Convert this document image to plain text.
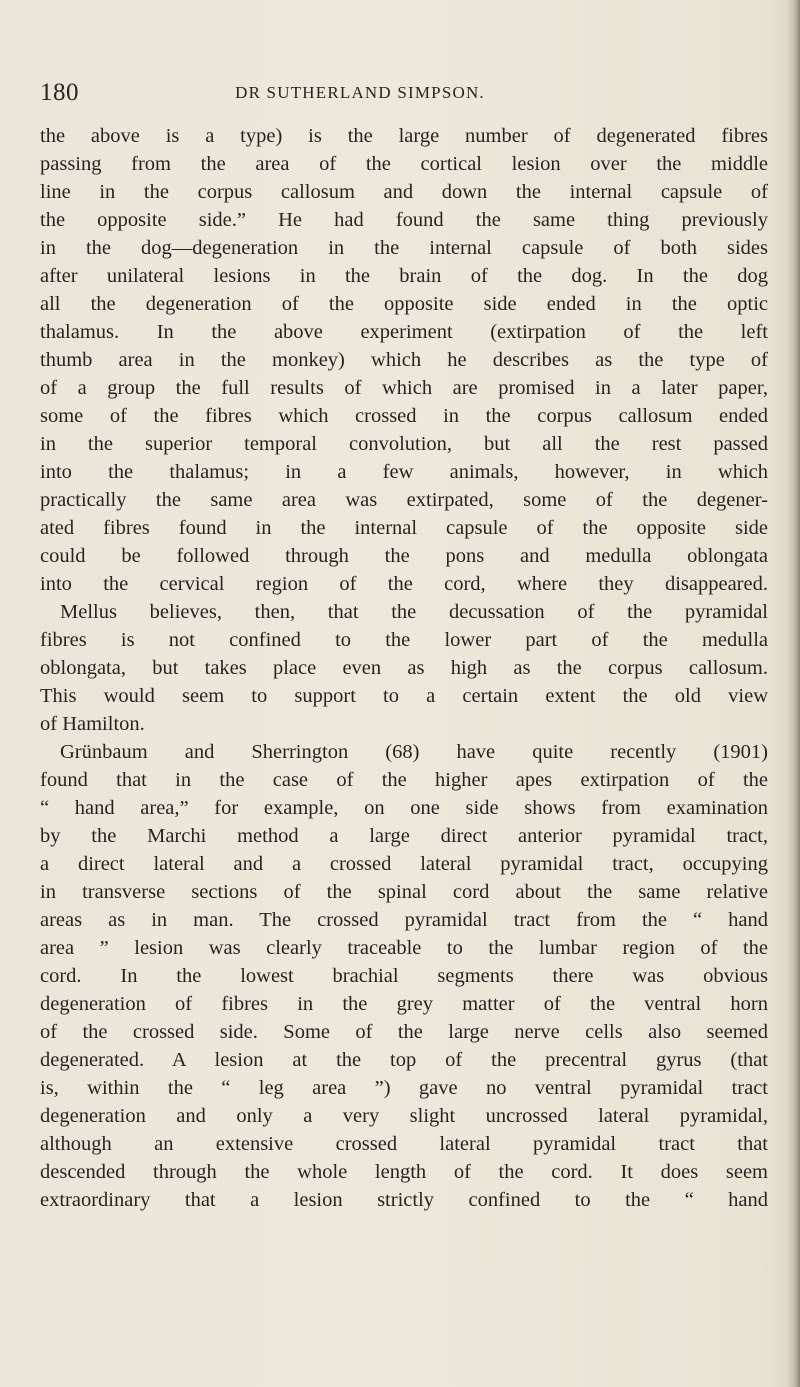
180	DR SUTHERLAND SIMPSON.
the above is a type) is the large number of degenerated fibres
passing from the area of the cortical lesion over the middle
line in the corpus callosum and down the internal capsule of
the opposite side.” He had found the same thing previously
in the dog—degeneration in the internal capsule of both sides
after unilateral lesions in the brain of the dog. In the dog
all the degeneration of the opposite side ended in the optic
thalamus. In the above experiment (extirpation of the left
thumb area in the monkey) which he describes as the type of
of a group the full results of which are promised in a later paper,
some of the fibres which crossed in the corpus callosum ended
in the superior temporal convolution, but all the rest passed
into the thalamus; in a few animals, however, in which
practically the same area was extirpated, some of the degener-
ated fibres found in the internal capsule of the opposite side
could be followed through the pons and medulla oblongata
into the cervical region of the cord, where they disappeared.
Mellus believes, then, that the decussation of the pyramidal
fibres is not confined to the lower part of the medulla
oblongata, but takes place even as high as the corpus callosum.
This would seem to support to a certain extent the old view
of Hamilton.
Grünbaum and Sherrington (68) have quite recently (1901)
found that in the case of the higher apes extirpation of the
“ hand area,” for example, on one side shows from examination
by the Marchi method a large direct anterior pyramidal tract,
a direct lateral and a crossed lateral pyramidal tract, occupying
in transverse sections of the spinal cord about the same relative
areas as in man. The crossed pyramidal tract from the “ hand
area ” lesion was clearly traceable to the lumbar region of the
cord. In the lowest brachial segments there was obvious
degeneration of fibres in the grey matter of the ventral horn
of the crossed side. Some of the large nerve cells also seemed
degenerated. A lesion at the top of the precentral gyrus (that
is, within the “ leg area ”) gave no ventral pyramidal tract
degeneration and only a very slight uncrossed lateral pyramidal,
although an extensive crossed lateral pyramidal tract that
descended through the whole length of the cord. It does seem
extraordinary that a lesion strictly confined to the “ hand
